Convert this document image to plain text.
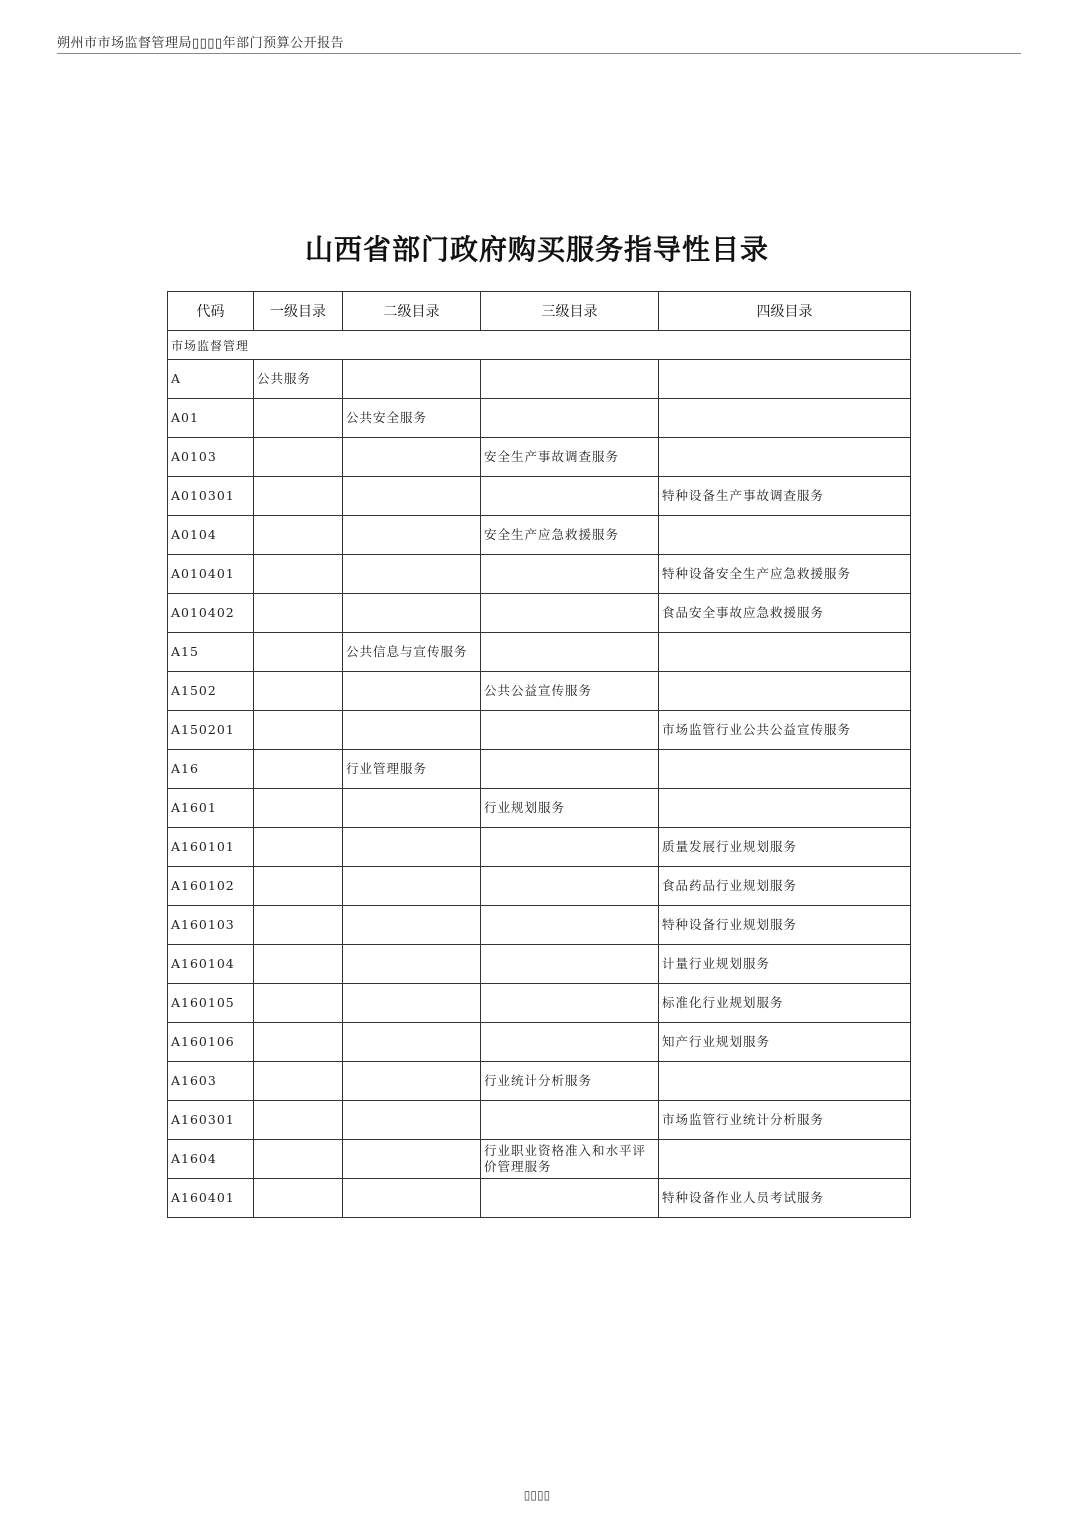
朔州市市场监督管理局▯▯▯▯年部门预算公开报告
山西省部门政府购买服务指导性目录
代码	一级目录	二级目录	三级目录	四级目录
市场监督管理				
A	公共服务			
A01		公共安全服务		
A0103			安全生产事故调查服务	
A010301				特种设备生产事故调查服务
A0104			安全生产应急救援服务	
A010401				特种设备安全生产应急救援服务
A010402				食品安全事故应急救援服务
A15		公共信息与宣传服务		
A1502			公共公益宣传服务	
A150201				市场监管行业公共公益宣传服务
A16		行业管理服务		
A1601			行业规划服务	
A160101				质量发展行业规划服务
A160102				食品药品行业规划服务
A160103				特种设备行业规划服务
A160104				计量行业规划服务
A160105				标准化行业规划服务
A160106				知产行业规划服务
A1603			行业统计分析服务	
A160301				市场监管行业统计分析服务
A1604			行业职业资格准入和水平评价管理服务	
A160401				特种设备作业人员考试服务
▯▯▯▯
